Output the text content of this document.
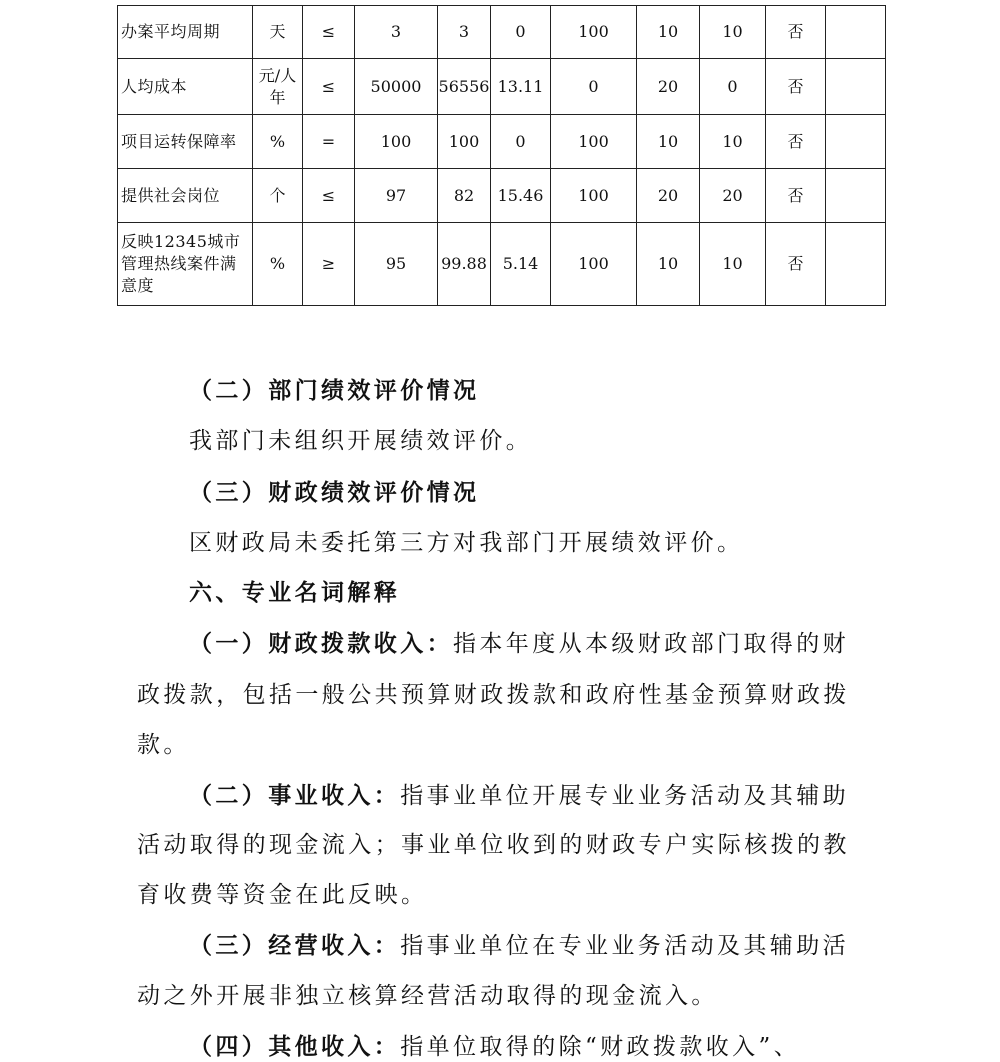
办案平均周期	天	≤	3	3	0	100	10	10	否	
人均成本	元/人年	≤	50000	56556	13.11	0	20	0	否	
项目运转保障率	%	=	100	100	0	100	10	10	否	
提供社会岗位	个	≤	97	82	15.46	100	20	20	否	
反映12345城市管理热线案件满意度	%	≥	95	99.88	5.14	100	10	10	否	
（二）部门绩效评价情况
我部门未组织开展绩效评价。
（三）财政绩效评价情况
区财政局未委托第三方对我部门开展绩效评价。
六、专业名词解释
（一）财政拨款收入：指本年度从本级财政部门取得的财
政拨款，包括一般公共预算财政拨款和政府性基金预算财政拨
款。
（二）事业收入：指事业单位开展专业业务活动及其辅助
活动取得的现金流入；事业单位收到的财政专户实际核拨的教
育收费等资金在此反映。
（三）经营收入：指事业单位在专业业务活动及其辅助活
动之外开展非独立核算经营活动取得的现金流入。
（四）其他收入：指单位取得的除“财政拨款收入”、
